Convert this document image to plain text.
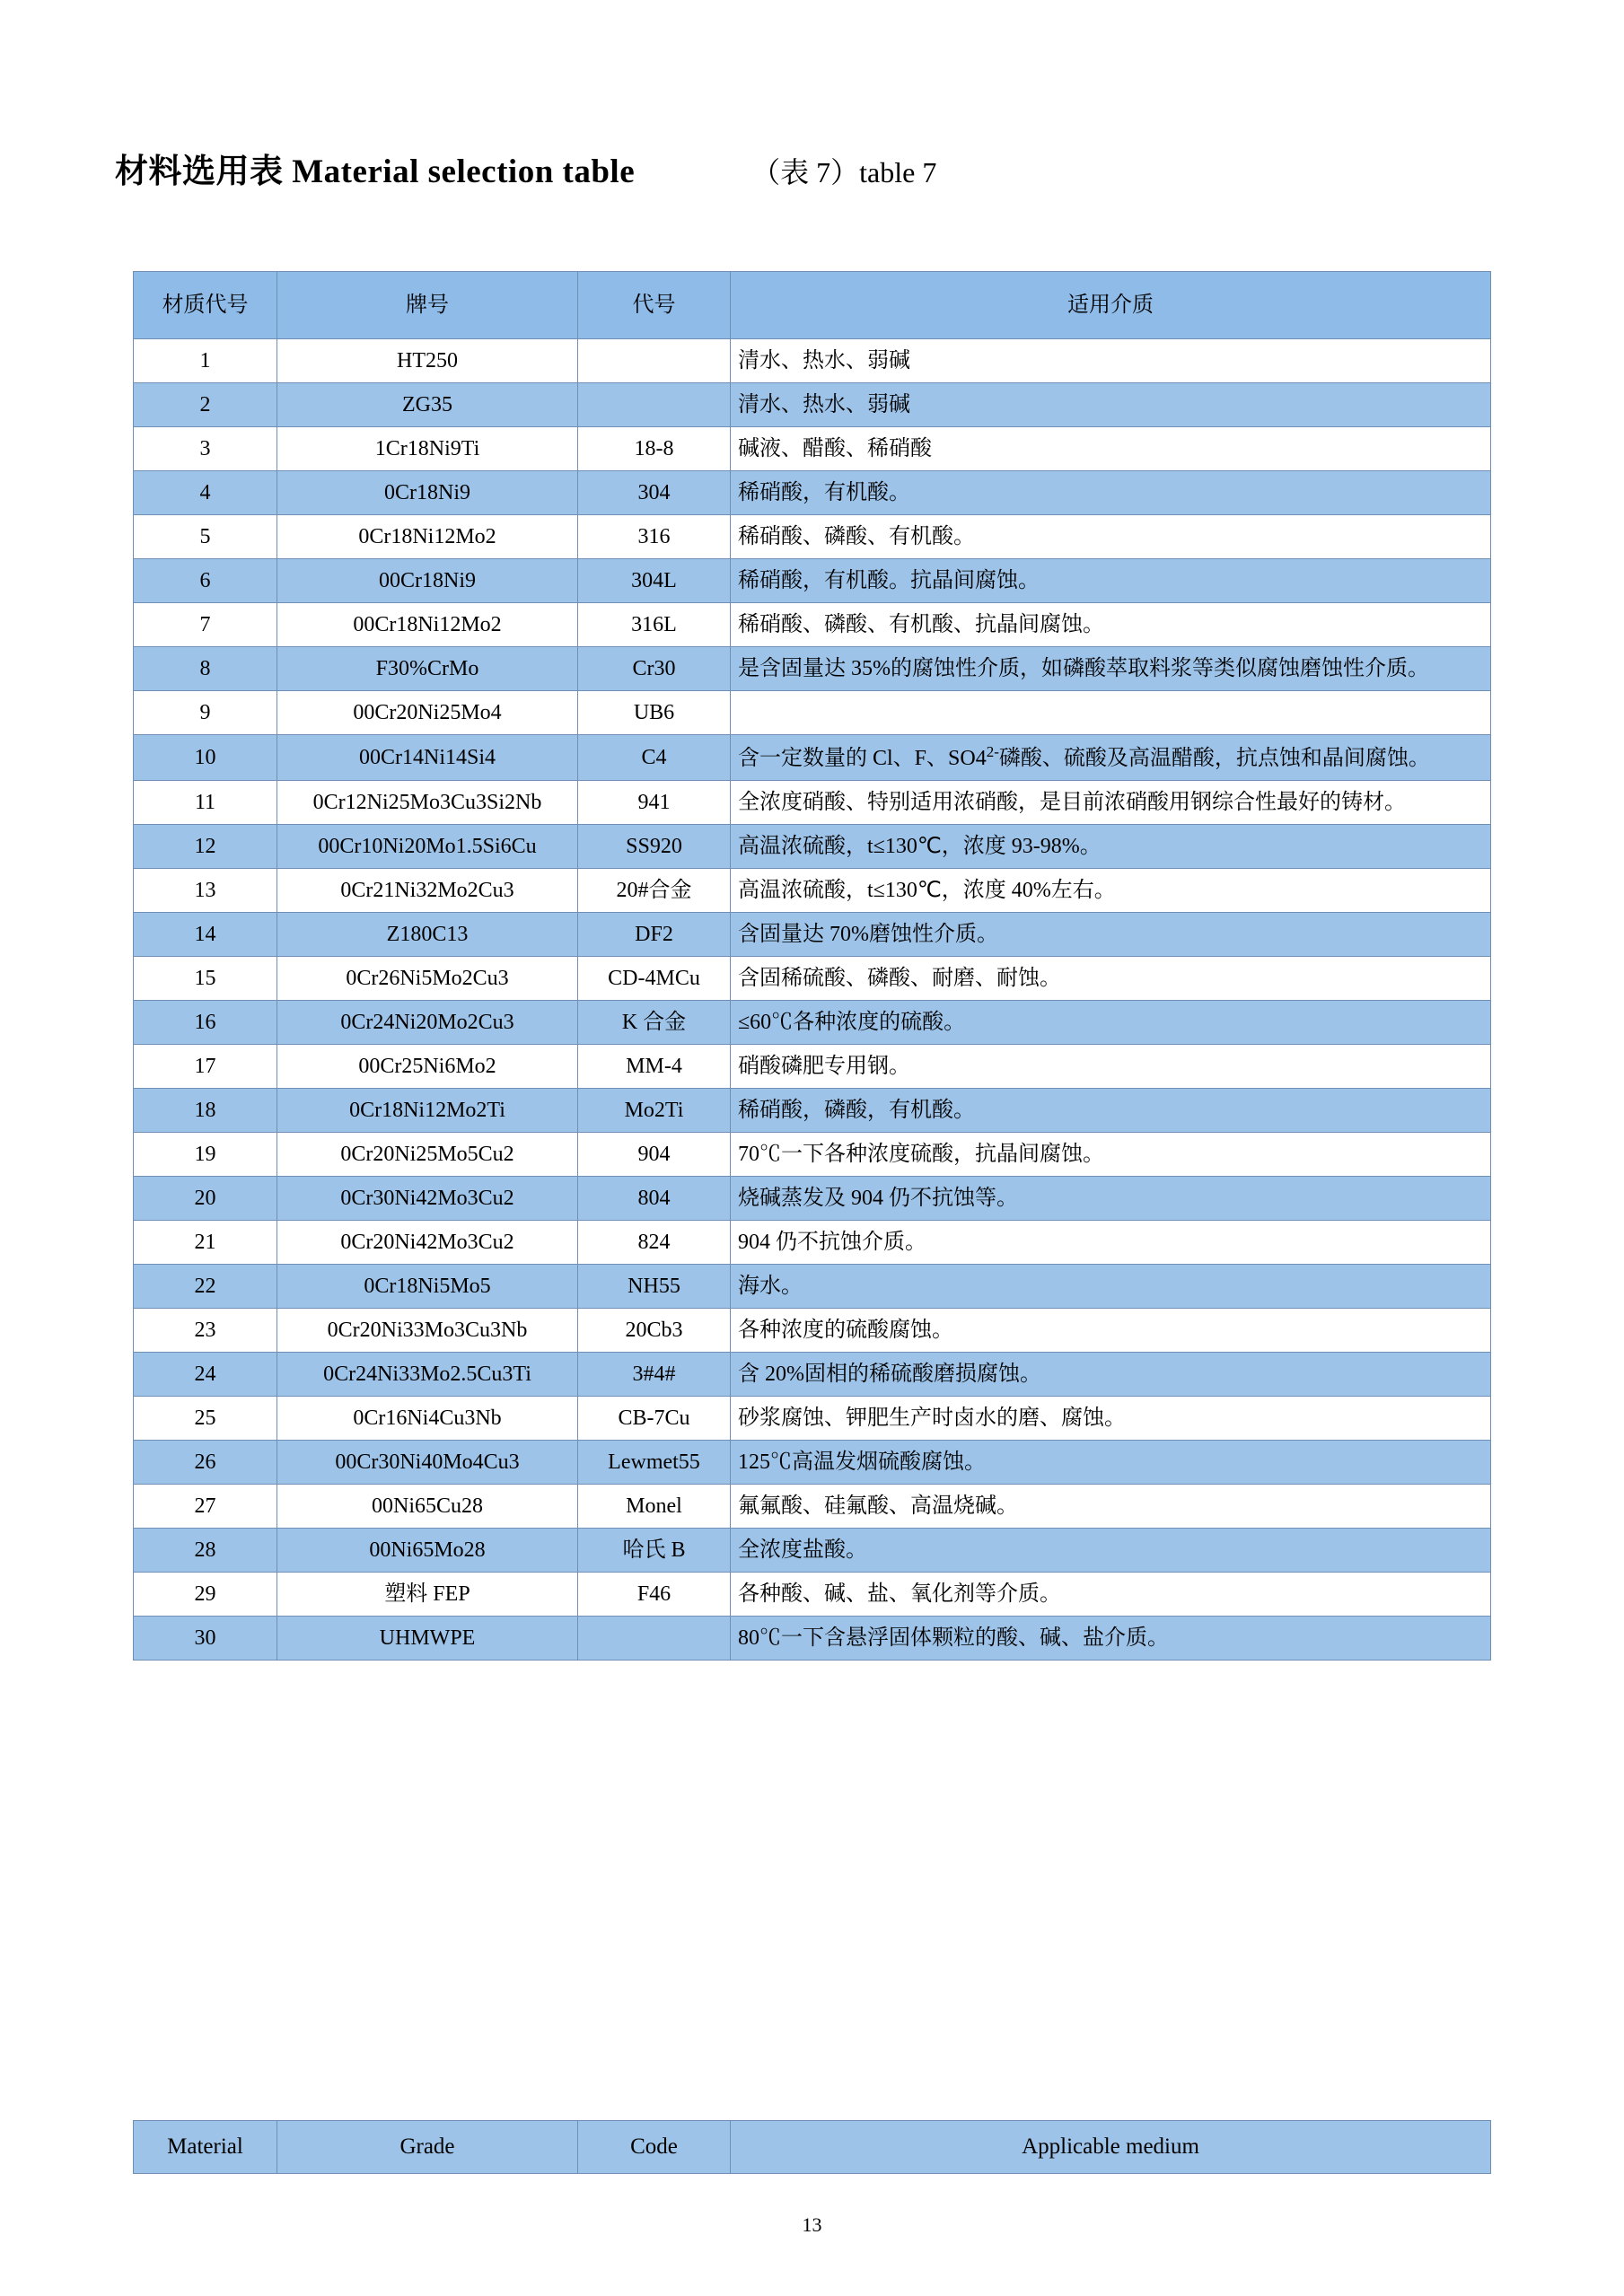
材料选用表 Material selection table	（表 7）table 7
材质代号	牌号	代号	适用介质
1	HT250		清水、热水、弱碱
2	ZG35		清水、热水、弱碱
3	1Cr18Ni9Ti	18-8	碱液、醋酸、稀硝酸
4	0Cr18Ni9	304	稀硝酸，有机酸。
5	0Cr18Ni12Mo2	316	稀硝酸、磷酸、有机酸。
6	00Cr18Ni9	304L	稀硝酸，有机酸。抗晶间腐蚀。
7	00Cr18Ni12Mo2	316L	稀硝酸、磷酸、有机酸、抗晶间腐蚀。
8	F30%CrMo	Cr30	是含固量达 35%的腐蚀性介质，如磷酸萃取料浆等类似腐蚀磨蚀性介质。
9	00Cr20Ni25Mo4	UB6	
10	00Cr14Ni14Si4	C4	含一定数量的 Cl、F、$SO4^{2-}$磷酸、硫酸及高温醋酸，抗点蚀和晶间腐蚀。
11	0Cr12Ni25Mo3Cu3Si2Nb	941	全浓度硝酸、特别适用浓硝酸，是目前浓硝酸用钢综合性最好的铸材。
12	00Cr10Ni20Mo1.5Si6Cu	SS920	高温浓硫酸，t≤130℃，浓度 93-98%。
13	0Cr21Ni32Mo2Cu3	20#合金	高温浓硫酸，t≤130℃，浓度 40%左右。
14	Z180C13	DF2	含固量达 70%磨蚀性介质。
15	0Cr26Ni5Mo2Cu3	CD-4MCu	含固稀硫酸、磷酸、耐磨、耐蚀。
16	0Cr24Ni20Mo2Cu3	K 合金	≤60℃各种浓度的硫酸。
17	00Cr25Ni6Mo2	MM-4	硝酸磷肥专用钢。
18	0Cr18Ni12Mo2Ti	Mo2Ti	稀硝酸，磷酸，有机酸。
19	0Cr20Ni25Mo5Cu2	904	70℃一下各种浓度硫酸，抗晶间腐蚀。
20	0Cr30Ni42Mo3Cu2	804	烧碱蒸发及 904 仍不抗蚀等。
21	0Cr20Ni42Mo3Cu2	824	904 仍不抗蚀介质。
22	0Cr18Ni5Mo5	NH55	海水。
23	0Cr20Ni33Mo3Cu3Nb	20Cb3	各种浓度的硫酸腐蚀。
24	0Cr24Ni33Mo2.5Cu3Ti	3#4#	含 20%固相的稀硫酸磨损腐蚀。
25	0Cr16Ni4Cu3Nb	CB-7Cu	砂浆腐蚀、钾肥生产时卤水的磨、腐蚀。
26	00Cr30Ni40Mo4Cu3	Lewmet55	125℃高温发烟硫酸腐蚀。
27	00Ni65Cu28	Monel	氟氟酸、硅氟酸、高温烧碱。
28	00Ni65Mo28	哈氏 B	全浓度盐酸。
29	塑料 FEP	F46	各种酸、碱、盐、氧化剂等介质。
30	UHMWPE		80℃一下含悬浮固体颗粒的酸、碱、盐介质。
Material	Grade	Code	Applicable medium
13
